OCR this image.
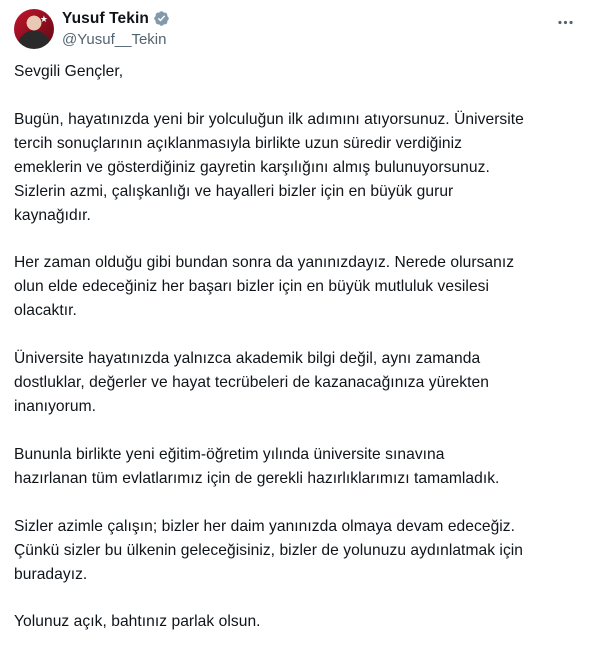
★ Yusuf Tekin
@Yusuf__Tekin

Sevgili Gençler,

Bugün, hayatınızda yeni bir yolculuğun ilk adımını atıyorsunuz. Üniversite
tercih sonuçlarının açıklanmasıyla birlikte uzun süredir verdiğiniz
emeklerin ve gösterdiğiniz gayretin karşılığını almış bulunuyorsunuz.
Sizlerin azmi, çalışkanlığı ve hayalleri bizler için en büyük gurur
kaynağıdır.

Her zaman olduğu gibi bundan sonra da yanınızdayız. Nerede olursanız
olun elde edeceğiniz her başarı bizler için en büyük mutluluk vesilesi
olacaktır.

Üniversite hayatınızda yalnızca akademik bilgi değil, aynı zamanda
dostluklar, değerler ve hayat tecrübeleri de kazanacağınıza yürekten
inanıyorum.

Bununla birlikte yeni eğitim-öğretim yılında üniversite sınavına
hazırlanan tüm evlatlarımız için de gerekli hazırlıklarımızı tamamladık.

Sizler azimle çalışın; bizler her daim yanınızda olmaya devam edeceğiz.
Çünkü sizler bu ülkenin geleceğisiniz, bizler de yolunuzu aydınlatmak için
buradayız.

Yolunuz açık, bahtınız parlak olsun.
